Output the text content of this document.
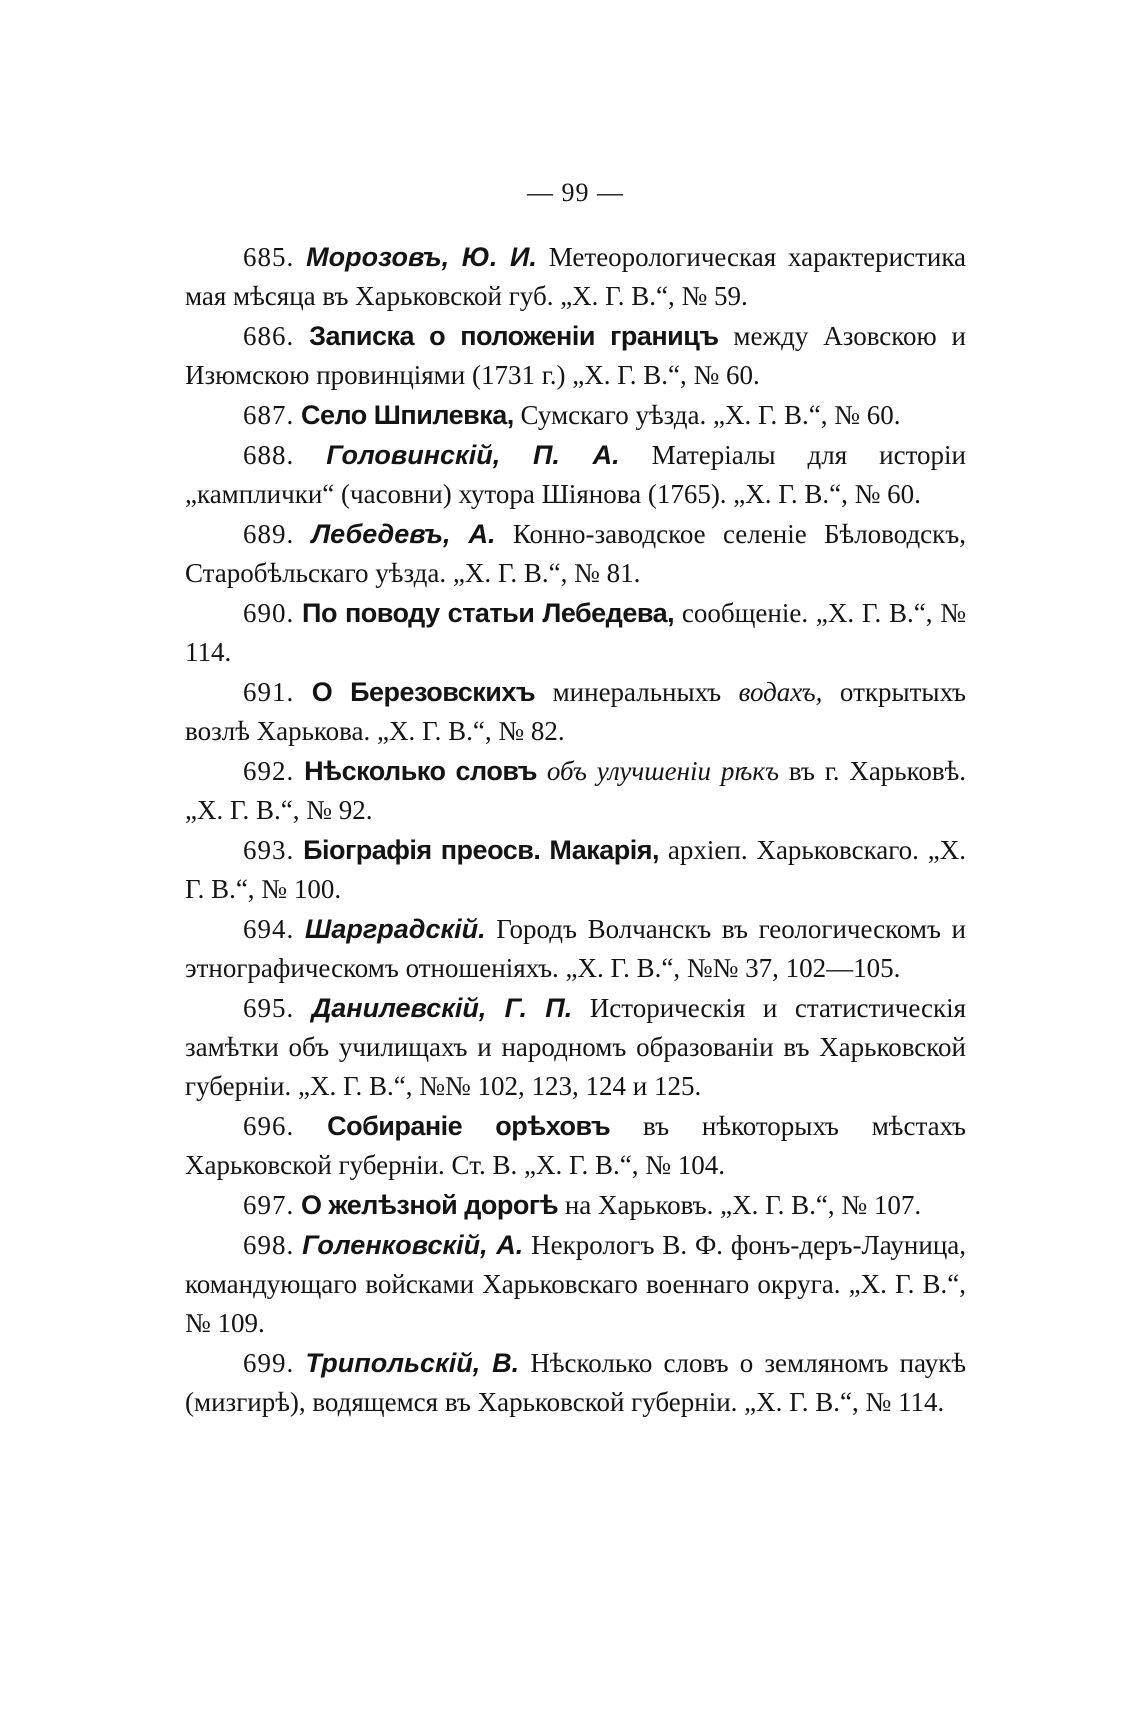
— 99 —

685. Морозовъ, Ю. И. Метеорологическая характеристика мая мѣсяца въ Харьковской губ. „Х. Г. В.“, № 59.

686. Записка о положеніи границъ между Азовскою и Изюмскою провинціями (1731 г.) „Х. Г. В.“, № 60.

687. Село Шпилевка, Сумскаго уѣзда. „Х. Г. В.“, № 60.

688. Головинскій, П. А. Матеріалы для исторіи „камплички“ (часовни) хутора Шіянова (1765). „Х. Г. В.“, № 60.

689. Лебедевъ, А. Конно-заводское селеніе Бѣловодскъ, Старобѣльскаго уѣзда. „Х. Г. В.“, № 81.

690. По поводу статьи Лебедева, сообщеніе. „Х. Г. В.“, № 114.

691. О Березовскихъ минеральныхъ водахъ, открытыхъ возлѣ Харькова. „Х. Г. В.“, № 82.

692. Нѣсколько словъ объ улучшеніи рѣкъ въ г. Харьковѣ. „Х. Г. В.“, № 92.

693. Біографія преосв. Макарія, архіеп. Харьковскаго. „Х. Г. В.“, № 100.

694. Шарградскій. Городъ Волчанскъ въ геологическомъ и этнографическомъ отношеніяхъ. „Х. Г. В.“, №№ 37, 102—105.

695. Данилевскій, Г. П. Историческія и статистическія замѣтки объ училищахъ и народномъ образованіи въ Харьковской губерніи. „Х. Г. В.“, №№ 102, 123, 124 и 125.

696. Собираніе орѣховъ въ нѣкоторыхъ мѣстахъ Харьковской губерніи. Ст. В. „Х. Г. В.“, № 104.

697. О желѣзной дорогѣ на Харьковъ. „Х. Г. В.“, № 107.

698. Голенковскій, А. Некрологъ В. Ф. фонъ-деръ-Лауница, командующаго войсками Харьковскаго военнаго округа. „Х. Г. В.“, № 109.

699. Трипольскій, В. Нѣсколько словъ о земляномъ паукѣ (мизгирѣ), водящемся въ Харьковской губерніи. „Х. Г. В.“, № 114.
